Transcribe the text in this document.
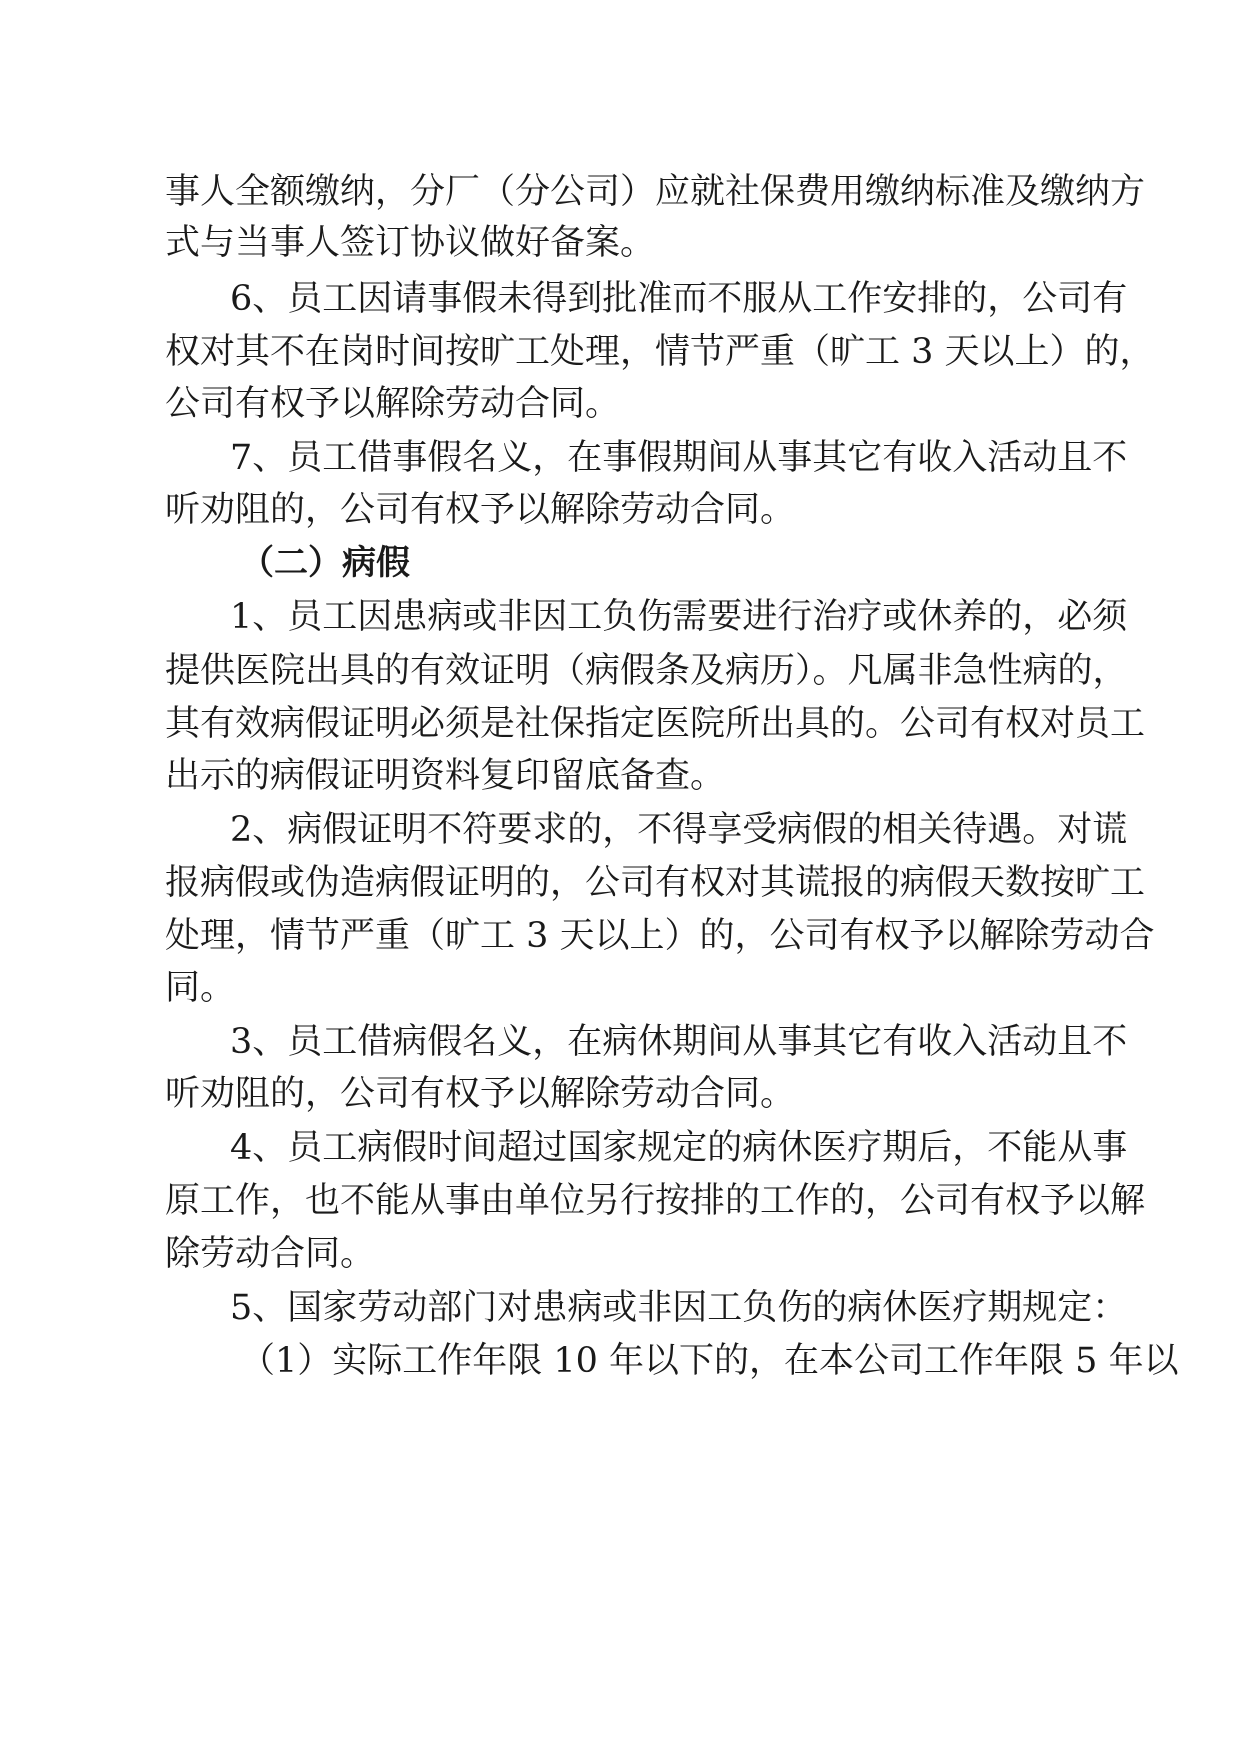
事人全额缴纳，分厂（分公司）应就社保费用缴纳标准及缴纳方
式与当事人签订协议做好备案。
6、员工因请事假未得到批准而不服从工作安排的，公司有
权对其不在岗时间按旷工处理，情节严重（旷工 3 天以上）的，
公司有权予以解除劳动合同。
7、员工借事假名义，在事假期间从事其它有收入活动且不
听劝阻的，公司有权予以解除劳动合同。
（二）病假
1、员工因患病或非因工负伤需要进行治疗或休养的，必须
提供医院出具的有效证明（病假条及病历）。凡属非急性病的，
其有效病假证明必须是社保指定医院所出具的。公司有权对员工
出示的病假证明资料复印留底备查。
2、病假证明不符要求的，不得享受病假的相关待遇。对谎
报病假或伪造病假证明的，公司有权对其谎报的病假天数按旷工
处理，情节严重（旷工 3 天以上）的，公司有权予以解除劳动合
同。
3、员工借病假名义，在病休期间从事其它有收入活动且不
听劝阻的，公司有权予以解除劳动合同。
4、员工病假时间超过国家规定的病休医疗期后，不能从事
原工作，也不能从事由单位另行按排的工作的，公司有权予以解
除劳动合同。
5、国家劳动部门对患病或非因工负伤的病休医疗期规定：
（1）实际工作年限 10 年以下的，在本公司工作年限 5 年以
